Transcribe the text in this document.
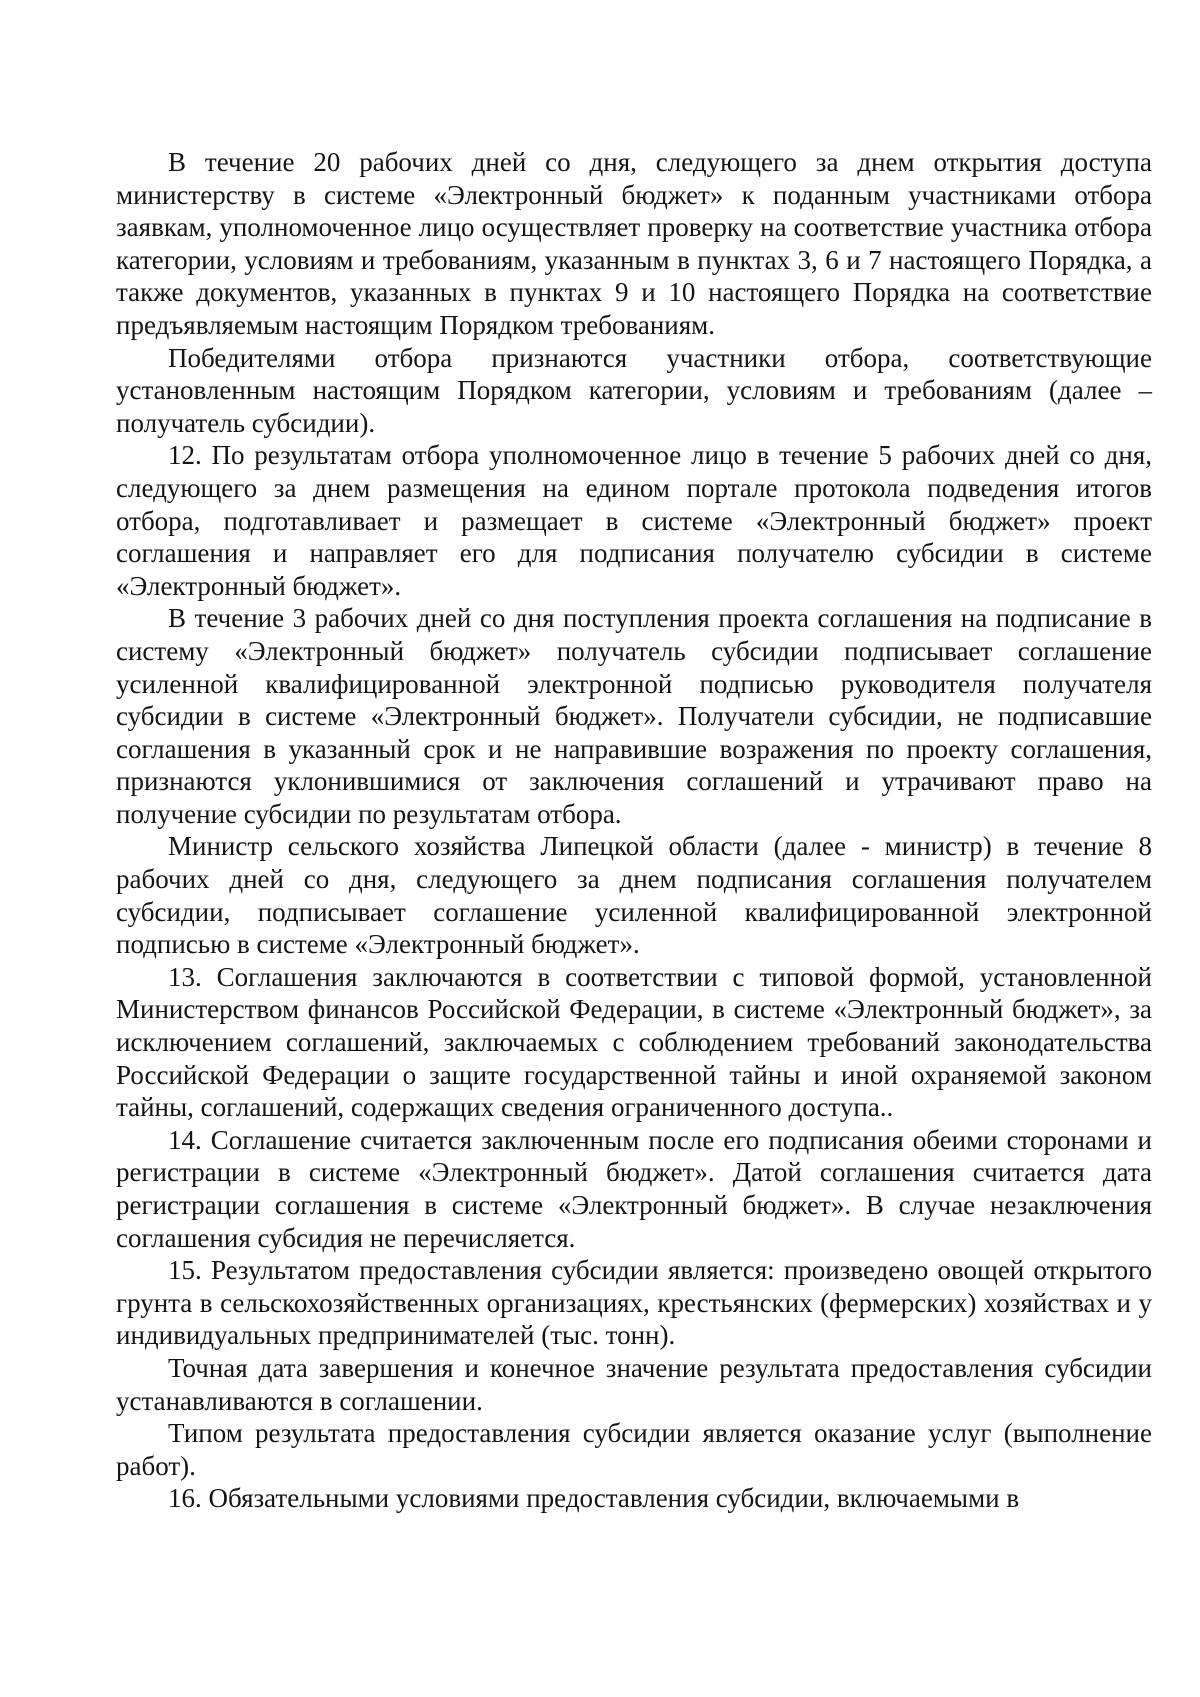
В течение 20 рабочих дней со дня, следующего за днем открытия доступа министерству в системе «Электронный бюджет» к поданным участниками отбора заявкам, уполномоченное лицо осуществляет проверку на соответствие участника отбора категории, условиям и требованиям, указанным в пунктах 3, 6 и 7 настоящего Порядка, а также документов, указанных в пунктах 9 и 10 настоящего Порядка на соответствие предъявляемым настоящим Порядком требованиям.

Победителями отбора признаются участники отбора, соответствующие установленным настоящим Порядком категории, условиям и требованиям (далее – получатель субсидии).

12. По результатам отбора уполномоченное лицо в течение 5 рабочих дней со дня, следующего за днем размещения на едином портале протокола подведения итогов отбора, подготавливает и размещает в системе «Электронный бюджет» проект соглашения и направляет его для подписания получателю субсидии в системе «Электронный бюджет».

В течение 3 рабочих дней со дня поступления проекта соглашения на подписание в систему «Электронный бюджет» получатель субсидии подписывает соглашение усиленной квалифицированной электронной подписью руководителя получателя субсидии в системе «Электронный бюджет». Получатели субсидии, не подписавшие соглашения в указанный срок и не направившие возражения по проекту соглашения, признаются уклонившимися от заключения соглашений и утрачивают право на получение субсидии по результатам отбора.

Министр сельского хозяйства Липецкой области (далее - министр) в течение 8 рабочих дней со дня, следующего за днем подписания соглашения получателем субсидии, подписывает соглашение усиленной квалифицированной электронной подписью в системе «Электронный бюджет».

13. Соглашения заключаются в соответствии с типовой формой, установленной Министерством финансов Российской Федерации, в системе «Электронный бюджет», за исключением соглашений, заключаемых с соблюдением требований законодательства Российской Федерации о защите государственной тайны и иной охраняемой законом тайны, соглашений, содержащих сведения ограниченного доступа..

14. Соглашение считается заключенным после его подписания обеими сторонами и регистрации в системе «Электронный бюджет». Датой соглашения считается дата регистрации соглашения в системе «Электронный бюджет». В случае незаключения соглашения субсидия не перечисляется.

15. Результатом предоставления субсидии является: произведено овощей открытого грунта в сельскохозяйственных организациях, крестьянских (фермерских) хозяйствах и у индивидуальных предпринимателей (тыс. тонн).

Точная дата завершения и конечное значение результата предоставления субсидии устанавливаются в соглашении.

Типом результата предоставления субсидии является оказание услуг (выполнение работ).

16. Обязательными условиями предоставления субсидии, включаемыми в
